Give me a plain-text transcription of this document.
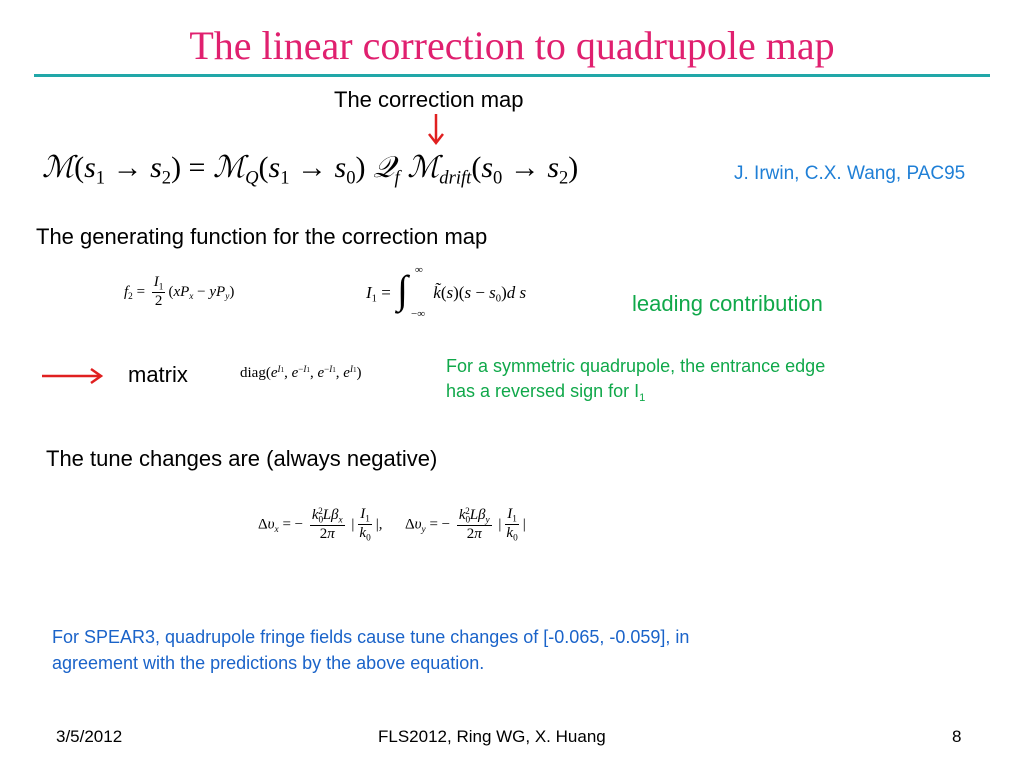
The linear correction to quadrupole map
The correction map
$ℳ(s_1 \to s_2)$ = $ℳ_Q(s_1 \to s_0)$ 𝒬$_f$ $ℳ_{drift}(s_0 \to s_2)$	J. Irwin, C.X. Wang, PAC95
The generating function for the correction map
$f_2 = \frac{I_1}{2} (xP_x - yP_y)$	$I_1$ = ∫ ∞
−∞
k̃(s)(s − $s_0)d$ s	leading contribution
matrix	$diag(e^{I1}$, $e^{-I1}$, $e^{-I1}$, $e^{I1}$)	For a symmetric quadrupole, the entrance edge
has a reversed sign for $I_1$
The tune changes are (always negative)
$\Delta\upsilon_x$ = − $\frac{k_0^2L\beta_x}{2\pi}$ | $\frac{I_1}{k_0}$ |,      $\Delta\upsilon_y$ = − $\frac{k_0^2L\beta_y}{2\pi}$ | $\frac{I_1}{k_0}$ |
For SPEAR3, quadrupole fringe fields cause tune changes of [-0.065, -0.059], in
agreement with the predictions by the above equation.
3/5/2012	FLS2012, Ring WG, X. Huang	8
